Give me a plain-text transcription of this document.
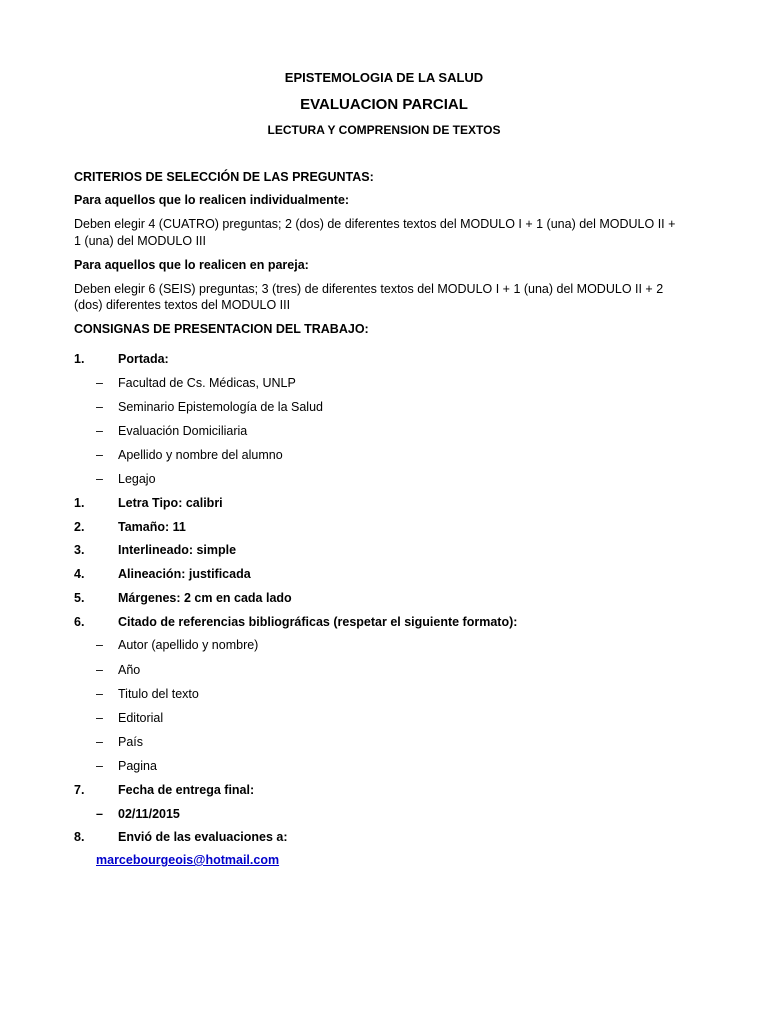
EPISTEMOLOGIA DE LA SALUD
EVALUACION PARCIAL
LECTURA Y COMPRENSION DE TEXTOS
CRITERIOS DE SELECCIÓN DE LAS PREGUNTAS:
Para aquellos que lo realicen individualmente:
Deben elegir 4 (CUATRO) preguntas; 2 (dos) de diferentes textos del MODULO I + 1 (una) del MODULO II +
1 (una) del MODULO III
Para aquellos que lo realicen en pareja:
Deben elegir 6 (SEIS) preguntas; 3 (tres) de diferentes textos del MODULO I + 1 (una) del MODULO II + 2
(dos) diferentes textos del MODULO III
CONSIGNAS DE PRESENTACION DEL TRABAJO:
1.	Portada:
– Facultad de Cs. Médicas, UNLP
– Seminario Epistemología de la Salud
– Evaluación Domiciliaria
– Apellido y nombre del alumno
– Legajo
1.	Letra Tipo: calibri
2.	Tamaño: 11
3.	Interlineado: simple
4.	Alineación: justificada
5.	Márgenes: 2 cm en cada lado
6.	Citado de referencias bibliográficas (respetar el siguiente formato):
– Autor (apellido y nombre)
– Año
– Titulo del texto
– Editorial
– País
– Pagina
7.	Fecha de entrega final:
– 02/11/2015
8.	Envió de las evaluaciones a:
marcebourgeois@hotmail.com
